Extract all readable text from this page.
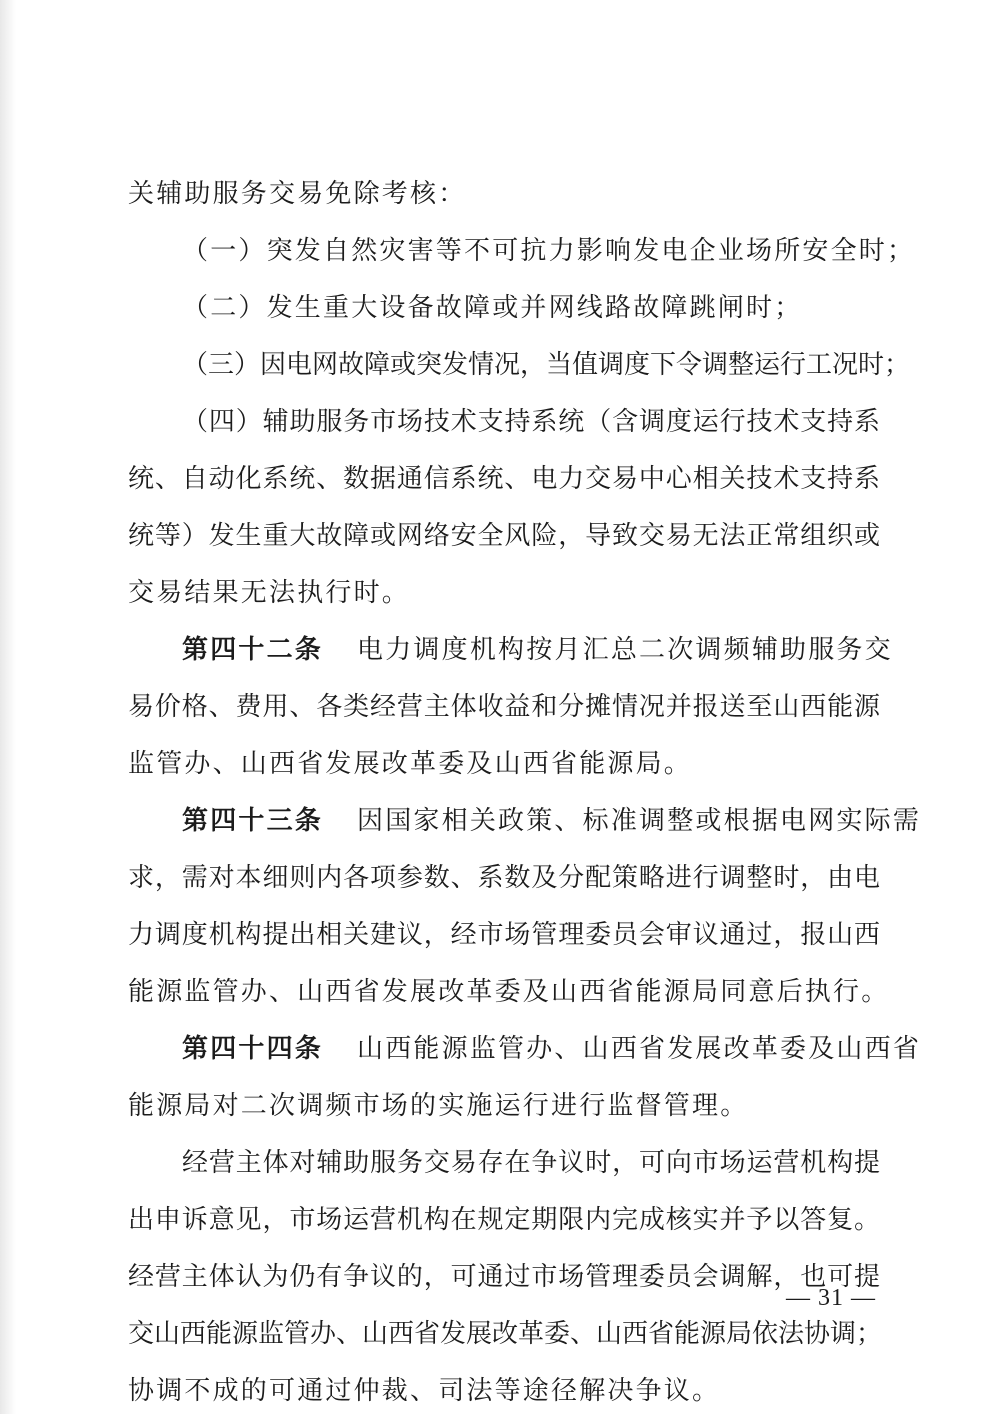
关辅助服务交易免除考核：
（一）突发自然灾害等不可抗力影响发电企业场所安全时；
（二）发生重大设备故障或并网线路故障跳闸时；
（三）因电网故障或突发情况，当值调度下令调整运行工况时；
（四）辅助服务市场技术支持系统（含调度运行技术支持系
统、自动化系统、数据通信系统、电力交易中心相关技术支持系
统等）发生重大故障或网络安全风险，导致交易无法正常组织或
交易结果无法执行时。
第四十二条 电力调度机构按月汇总二次调频辅助服务交
易价格、费用、各类经营主体收益和分摊情况并报送至山西能源
监管办、山西省发展改革委及山西省能源局。
第四十三条 因国家相关政策、标准调整或根据电网实际需
求，需对本细则内各项参数、系数及分配策略进行调整时，由电
力调度机构提出相关建议，经市场管理委员会审议通过，报山西
能源监管办、山西省发展改革委及山西省能源局同意后执行。
第四十四条 山西能源监管办、山西省发展改革委及山西省
能源局对二次调频市场的实施运行进行监督管理。
经营主体对辅助服务交易存在争议时，可向市场运营机构提
出申诉意见，市场运营机构在规定期限内完成核实并予以答复。
经营主体认为仍有争议的，可通过市场管理委员会调解，也可提
交山西能源监管办、山西省发展改革委、山西省能源局依法协调；
协调不成的可通过仲裁、司法等途径解决争议。
— 31 —
